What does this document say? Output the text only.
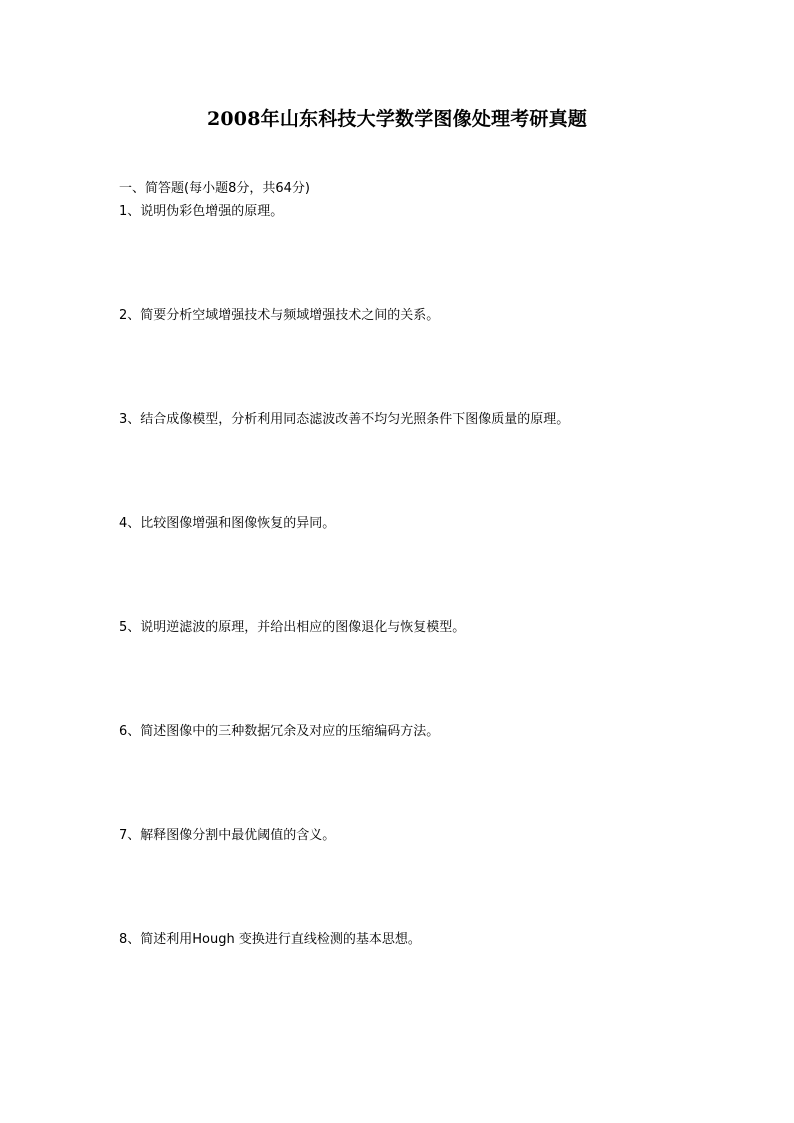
2008年山东科技大学数学图像处理考研真题

一、简答题(每小题8分，共64分)

1、说明伪彩色增强的原理。

2、简要分析空域增强技术与频域增强技术之间的关系。

3、结合成像模型，分析利用同态滤波改善不均匀光照条件下图像质量的原理。

4、比较图像增强和图像恢复的异同。

5、说明逆滤波的原理，并给出相应的图像退化与恢复模型。

6、简述图像中的三种数据冗余及对应的压缩编码方法。

7、解释图像分割中最优阈值的含义。

8、简述利用Hough 变换进行直线检测的基本思想。
